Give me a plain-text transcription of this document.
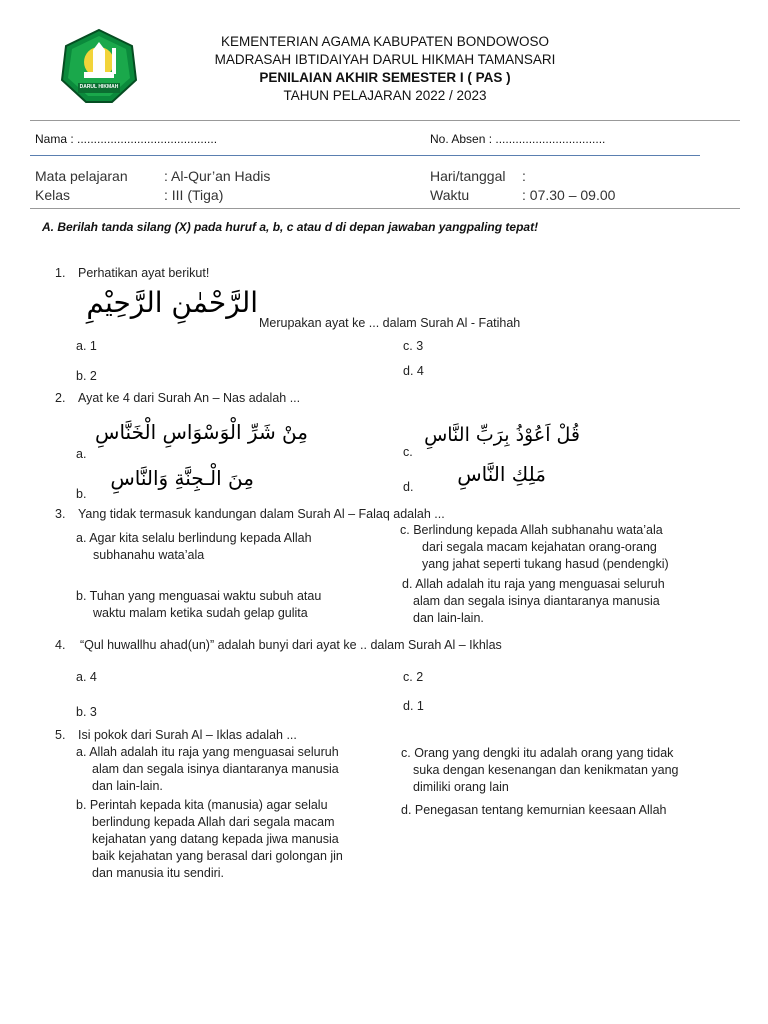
DARUL HIKMAH
KEMENTERIAN AGAMA KABUPATEN BONDOWOSO
MADRASAH IBTIDAIYAH DARUL HIKMAH TAMANSARI
PENILAIAN AKHIR SEMESTER I ( PAS )
TAHUN PELAJARAN 2022 / 2023
Nama : ..........................................	No. Absen : .................................
Mata pelajaran	: Al-Qur’an Hadis	Hari/tanggal :
Kelas	: III (Tiga)	Waktu	: 07.30 – 09.00
A. Berilah tanda silang (X) pada huruf a, b, c atau d di depan jawaban yangpaling tepat!
1. Perhatikan ayat berikut!
الرَّحْمٰنِ الرَّحِيْمِ
Merupakan ayat ke ... dalam Surah Al - Fatihah
a. 1	c. 3
b. 2	d. 4
2. Ayat ke 4 dari Surah An – Nas adalah ...
a.
مِنْ شَرِّ الْوَسْوَاسِ الْخَنَّاسِ
c.
قُلْ اَعُوْذُ بِرَبِّ النَّاسِ
b.
مِنَ الْـجِنَّةِ وَالنَّاسِ	d.
مَلِكِ النَّاسِ
3. Yang tidak termasuk kandungan dalam Surah Al – Falaq adalah ...
a. Agar kita selalu berlindung kepada Allah
subhanahu wata’ala
b. Tuhan yang menguasai waktu subuh atau
waktu malam ketika sudah gelap gulita
c. Berlindung kepada Allah subhanahu wata’ala
dari segala macam kejahatan orang-orang
yang jahat seperti tukang hasud (pendengki)
d. Allah adalah itu raja yang menguasai seluruh
alam dan segala isinya diantaranya manusia
dan lain-lain.
4. “Qul huwallhu ahad(un)” adalah bunyi dari ayat ke .. dalam Surah Al – Ikhlas
a. 4	c. 2
b. 3	d. 1
5. Isi pokok dari Surah Al – Iklas adalah ...
a. Allah adalah itu raja yang menguasai seluruh
alam dan segala isinya diantaranya manusia
dan lain-lain.
b. Perintah kepada kita (manusia) agar selalu
berlindung kepada Allah dari segala macam
kejahatan yang datang kepada jiwa manusia
baik kejahatan yang berasal dari golongan jin
dan manusia itu sendiri.
c. Orang yang dengki itu adalah orang yang tidak
suka dengan kesenangan dan kenikmatan yang
dimiliki orang lain
d. Penegasan tentang kemurnian keesaan Allah
